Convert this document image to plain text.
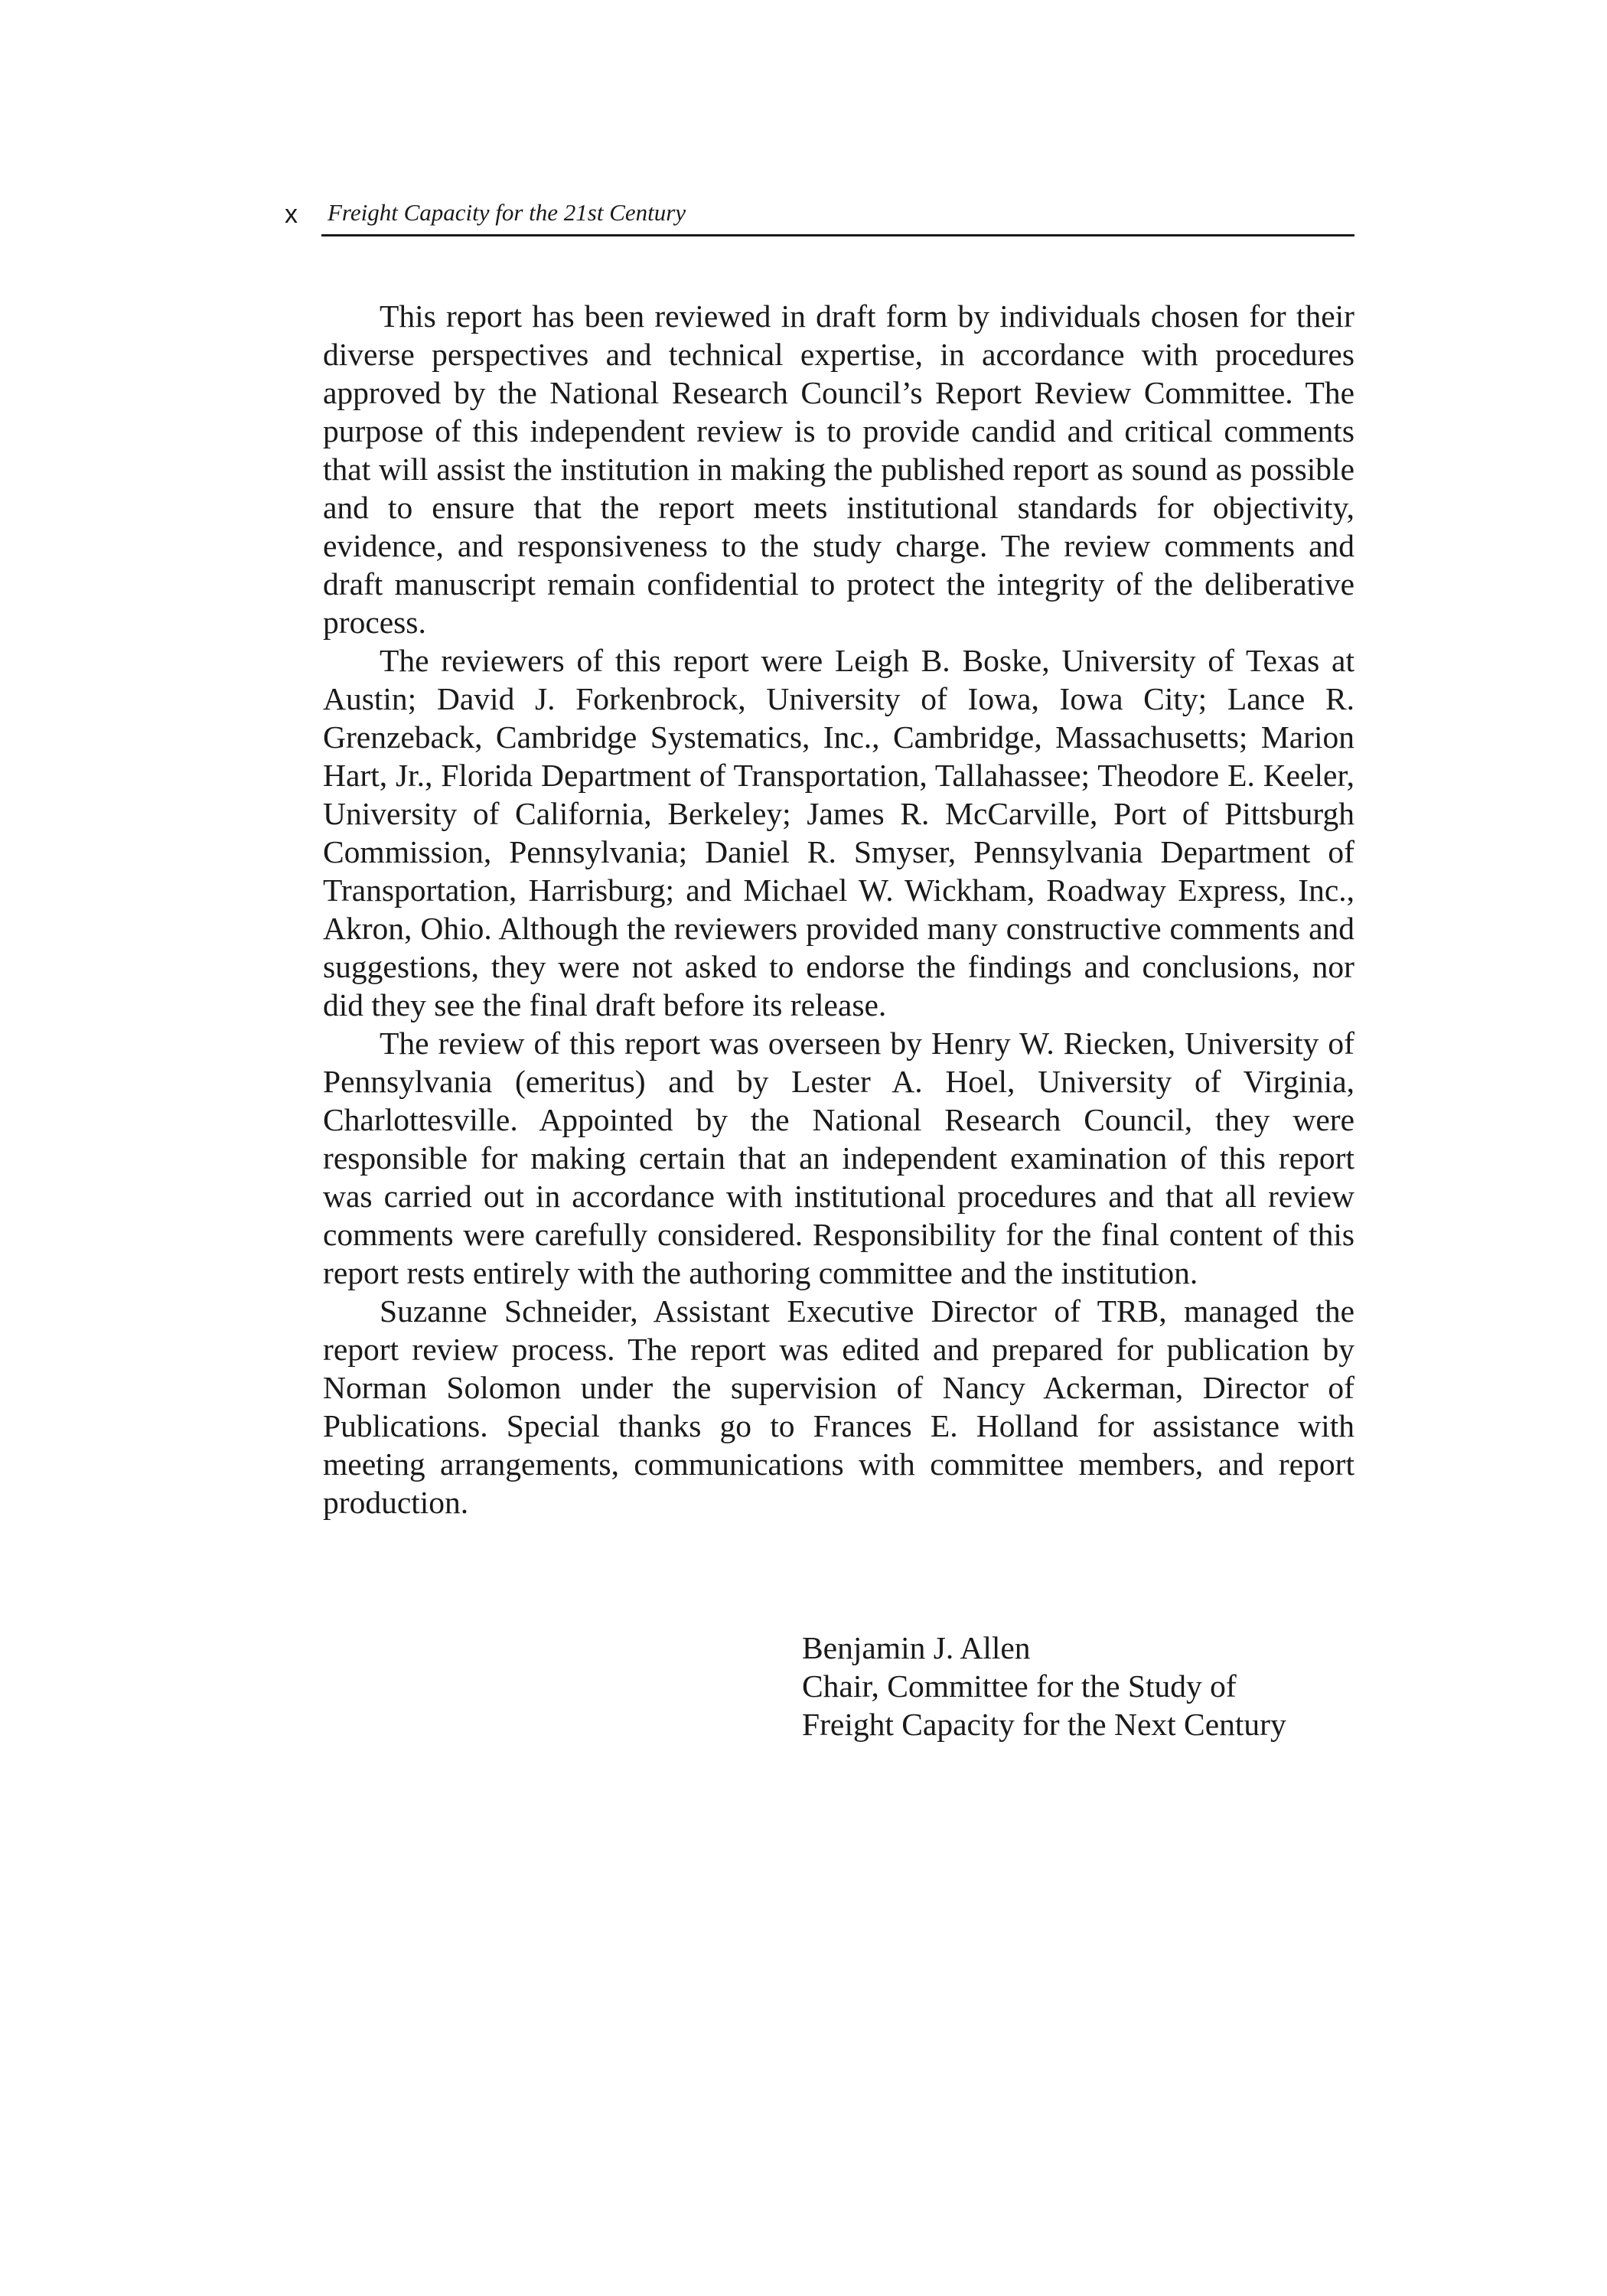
x Freight Capacity for the 21st Century

This report has been reviewed in draft form by individuals chosen for their diverse perspectives and technical expertise, in accordance with procedures approved by the National Research Council’s Report Review Committee. The purpose of this independent review is to provide candid and critical comments that will assist the institution in making the published report as sound as possible and to ensure that the report meets institutional standards for objectivity, evidence, and responsiveness to the study charge. The review comments and draft manuscript remain confidential to protect the integrity of the deliberative process.

The reviewers of this report were Leigh B. Boske, University of Texas at Austin; David J. Forkenbrock, University of Iowa, Iowa City; Lance R. Grenzeback, Cambridge Systematics, Inc., Cambridge, Massachusetts; Marion Hart, Jr., Florida Department of Transportation, Tallahassee; Theodore E. Keeler, University of California, Berkeley; James R. McCarville, Port of Pittsburgh Commission, Pennsylvania; Daniel R. Smyser, Pennsylvania Department of Transportation, Harrisburg; and Michael W. Wickham, Roadway Express, Inc., Akron, Ohio. Although the reviewers provided many constructive comments and suggestions, they were not asked to endorse the findings and conclusions, nor did they see the final draft before its release.

The review of this report was overseen by Henry W. Riecken, University of Pennsylvania (emeritus) and by Lester A. Hoel, University of Virginia, Charlottesville. Appointed by the National Research Council, they were responsible for making certain that an independent examination of this report was carried out in accordance with institutional procedures and that all review comments were carefully considered. Responsibility for the final content of this report rests entirely with the authoring committee and the institution.

Suzanne Schneider, Assistant Executive Director of TRB, managed the report review process. The report was edited and prepared for publication by Norman Solomon under the supervision of Nancy Ackerman, Director of Publications. Special thanks go to Frances E. Holland for assistance with meeting arrangements, communications with committee members, and report production.

Benjamin J. Allen
Chair, Committee for the Study of
Freight Capacity for the Next Century
